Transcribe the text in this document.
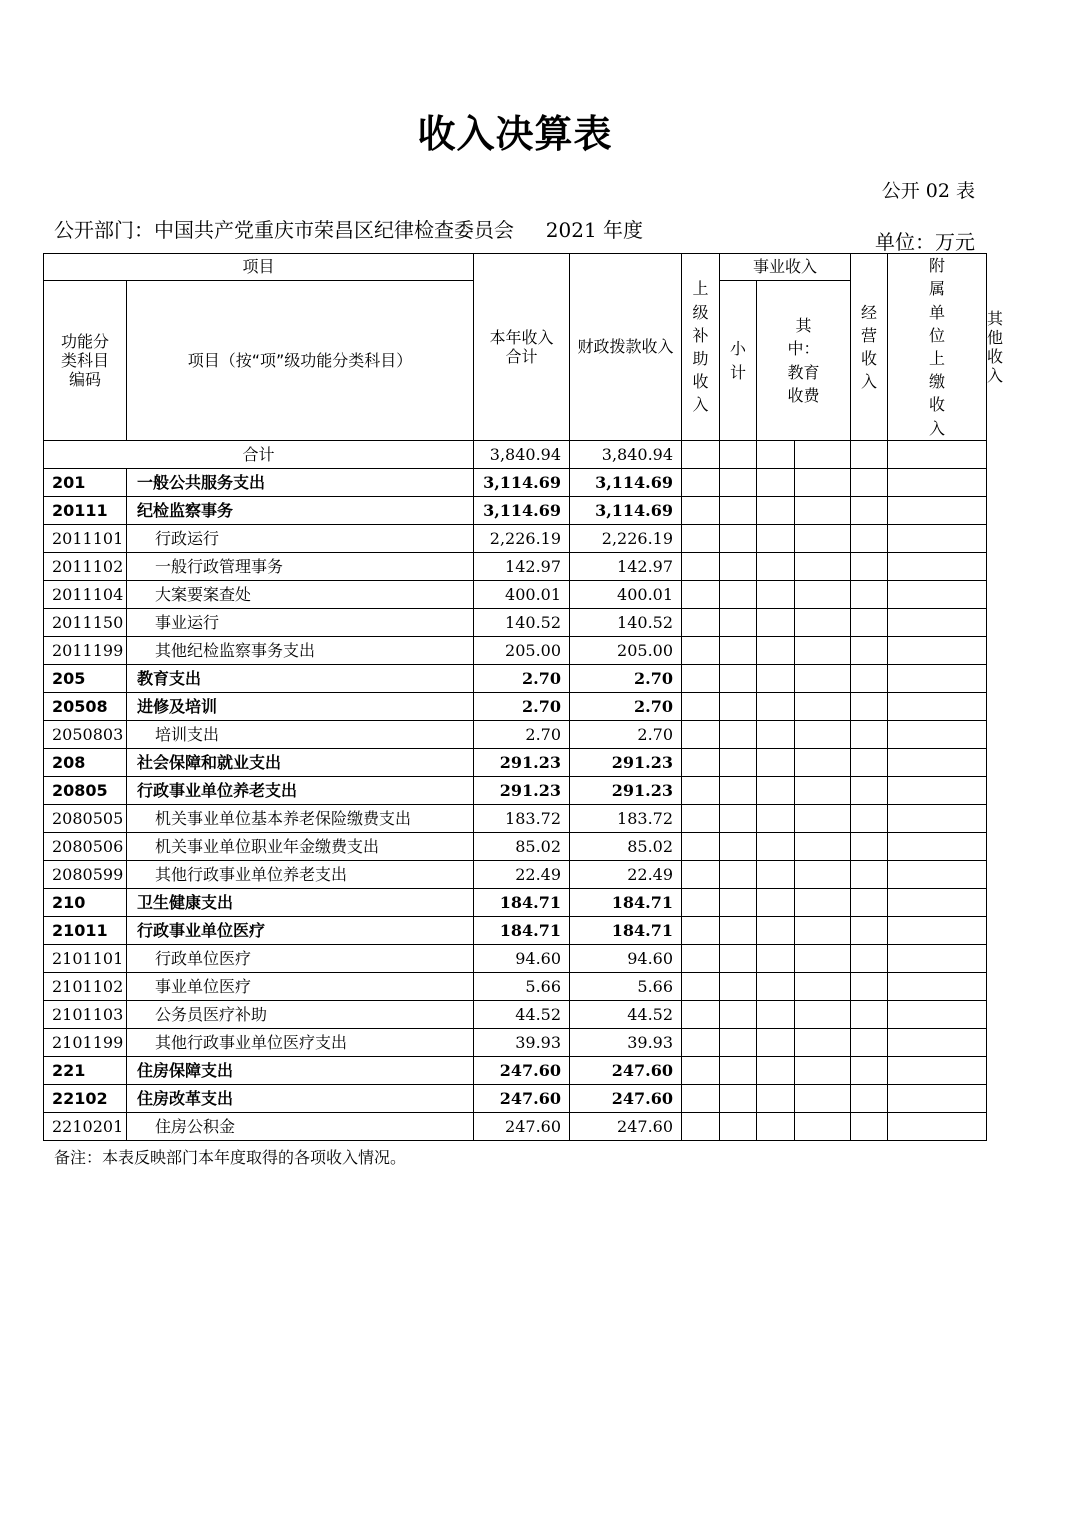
收入决算表
公开 02 表
公开部门：中国共产党重庆市荣昌区纪律检查委员会 2021 年度	单位：万元
项目		本年收入合计	财政拨款收入	上级补助收入	事业收入		经营收入	附属单位上缴收入	其他收入
功能分类科目编码	项目（按“项”级功能分类科目）				小计	其中：教育收费			

合计		3,840.94	3,840.94			

201	一般公共服务支出	3,114.69	3,114.69			

20111	纪检监察事务	3,114.69	3,114.69			

2011101	行政运行	2,226.19	2,226.19			

2011102	一般行政管理事务	142.97	142.97			

2011104	大案要案查处	400.01	400.01			

2011150	事业运行	140.52	140.52			

2011199	其他纪检监察事务支出	205.00	205.00			

205	教育支出	2.70	2.70			

20508	进修及培训	2.70	2.70			

2050803	培训支出	2.70	2.70			

208	社会保障和就业支出	291.23	291.23			

20805	行政事业单位养老支出	291.23	291.23			

2080505	机关事业单位基本养老保险缴费支出	183.72	183.72			

2080506	机关事业单位职业年金缴费支出	85.02	85.02			

2080599	其他行政事业单位养老支出	22.49	22.49			

210	卫生健康支出	184.71	184.71			

21011	行政事业单位医疗	184.71	184.71			

2101101	行政单位医疗	94.60	94.60			

2101102	事业单位医疗	5.66	5.66			

2101103	公务员医疗补助	44.52	44.52			

2101199	其他行政事业单位医疗支出	39.93	39.93			

221	住房保障支出	247.60	247.60			

22102	住房改革支出	247.60	247.60			

2210201	住房公积金	247.60	247.60			

备注：本表反映部门本年度取得的各项收入情况。
